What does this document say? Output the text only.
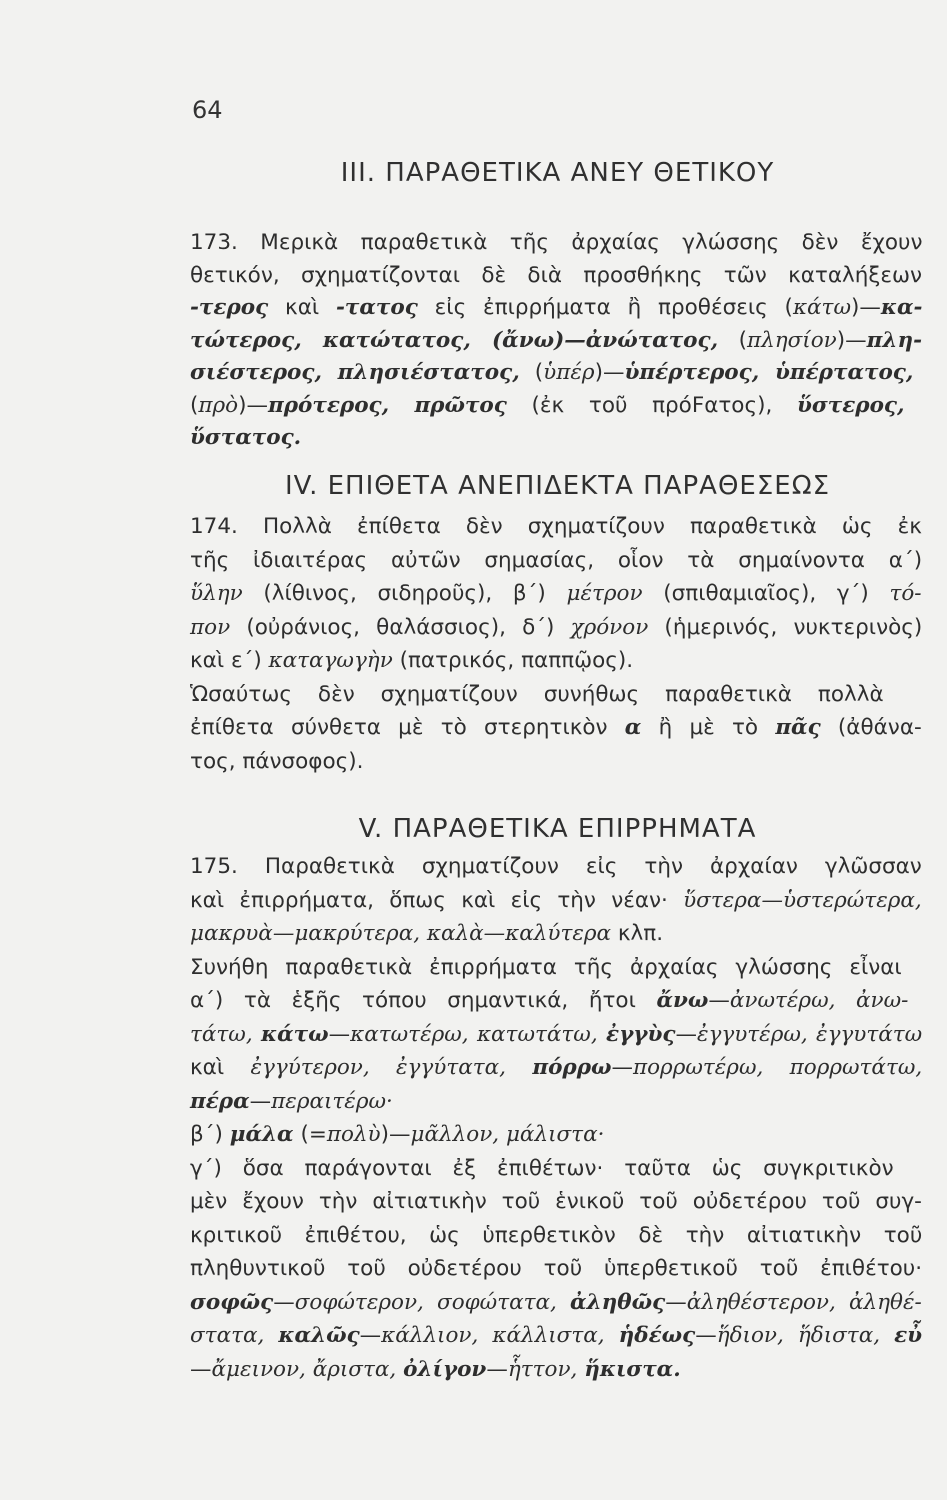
64
III. ΠΑΡΑΘΕΤΙΚΑ ΑΝΕΥ ΘΕΤΙΚΟΥ
173. Μερικὰ παραθετικὰ τῆς ἀρχαίας γλώσσης δὲν ἔχουν
θετικόν, σχηματίζονται δὲ διὰ προσθήκης τῶν καταλήξεων
-τερος καὶ -τατος εἰς ἐπιρρήματα ἢ προθέσεις (κάτω)—κα-
τώτερος, κατώτατος, (ἄνω)—ἀνώτατος, (πλησίον)—πλη-
σιέστερος, πλησιέστατος, (ὑπέρ)—ὑπέρτερος, ὑπέρτατος,
(πρὸ)—πρότερος, πρῶτος (ἐκ τοῦ πρόϜατος), ὕστερος,
ὕστατος.
IV. ΕΠΙΘΕΤΑ ΑΝΕΠΙΔΕΚΤΑ ΠΑΡΑΘΕΣΕΩΣ
174. Πολλὰ ἐπίθετα δὲν σχηματίζουν παραθετικὰ ὡς ἐκ
τῆς ἰδιαιτέρας αὐτῶν σημασίας, οἷον τὰ σημαίνοντα α΄)
ὕλην (λίθινος, σιδηροῦς), β΄) μέτρον (σπιθαμιαῖος), γ΄) τό-
πον (οὐράνιος, θαλάσσιος), δ΄) χρόνον (ἡμερινός, νυκτερινὸς)
καὶ ε΄) καταγωγὴν (πατρικός, παππῷος).
Ὡσαύτως δὲν σχηματίζουν συνήθως παραθετικὰ πολλὰ
ἐπίθετα σύνθετα μὲ τὸ στερητικὸν α ἢ μὲ τὸ πᾶς (ἀθάνα-
τος, πάνσοφος).
V. ΠΑΡΑΘΕΤΙΚΑ ΕΠΙΡΡΗΜΑΤΑ
175. Παραθετικὰ σχηματίζουν εἰς τὴν ἀρχαίαν γλῶσσαν
καὶ ἐπιρρήματα, ὅπως καὶ εἰς τὴν νέαν· ὕστερα—ὑστερώτερα,
μακρυὰ—μακρύτερα, καλὰ—καλύτερα κλπ.
Συνήθη παραθετικὰ ἐπιρρήματα τῆς ἀρχαίας γλώσσης εἶναι
α΄) τὰ ἑξῆς τόπου σημαντικά, ἤτοι ἄνω—ἀνωτέρω, ἀνω-
τάτω, κάτω—κατωτέρω, κατωτάτω, ἐγγὺς—ἐγγυτέρω, ἐγγυτάτω
καὶ ἐγγύτερον, ἐγγύτατα, πόρρω—πορρωτέρω, πορρωτάτω,
πέρα—περαιτέρω·
β΄) μάλα (=πολὺ)—μᾶλλον, μάλιστα·
γ΄) ὅσα παράγονται ἐξ ἐπιθέτων· ταῦτα ὡς συγκριτικὸν
μὲν ἔχουν τὴν αἰτιατικὴν τοῦ ἑνικοῦ τοῦ οὐδετέρου τοῦ συγ-
κριτικοῦ ἐπιθέτου, ὡς ὑπερθετικὸν δὲ τὴν αἰτιατικὴν τοῦ
πληθυντικοῦ τοῦ οὐδετέρου τοῦ ὑπερθετικοῦ τοῦ ἐπιθέτου·
σοφῶς—σοφώτερον, σοφώτατα, ἀληθῶς—ἀληθέστερον, ἀληθέ-
στατα, καλῶς—κάλλιον, κάλλιστα, ἡδέως—ἥδιον, ἥδιστα, εὖ
—ἄμεινον, ἄριστα, ὀλίγον—ἧττον, ἥκιστα.
